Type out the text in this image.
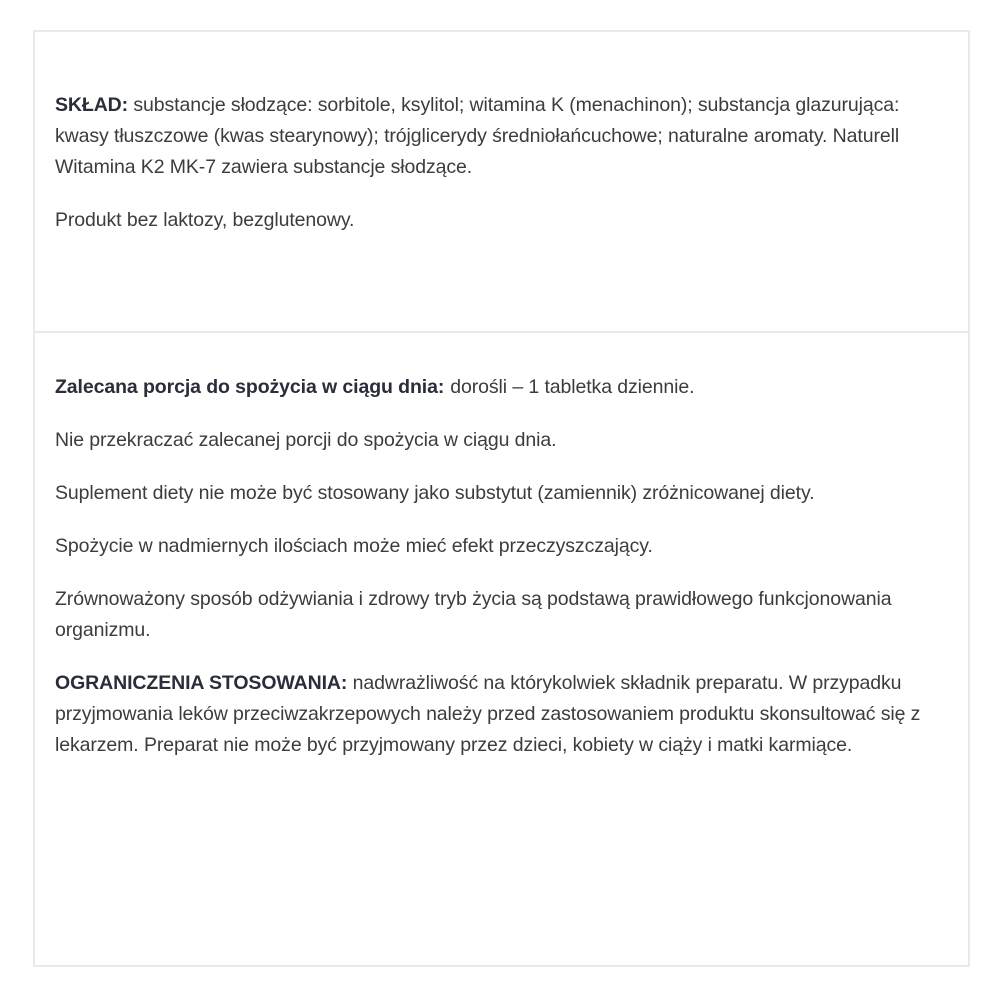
SKŁAD: substancje słodzące: sorbitole, ksylitol; witamina K (menachinon); substancja glazurująca: kwasy tłuszczowe (kwas stearynowy); trójglicerydy średniołańcuchowe; naturalne aromaty. Naturell Witamina K2 MK-7 zawiera substancje słodzące.

Produkt bez laktozy, bezglutenowy.

Zalecana porcja do spożycia w ciągu dnia: dorośli – 1 tabletka dziennie.

Nie przekraczać zalecanej porcji do spożycia w ciągu dnia.

Suplement diety nie może być stosowany jako substytut (zamiennik) zróżnicowanej diety.

Spożycie w nadmiernych ilościach może mieć efekt przeczyszczający.

Zrównoważony sposób odżywiania i zdrowy tryb życia są podstawą prawidłowego funkcjonowania organizmu.

OGRANICZENIA STOSOWANIA: nadwrażliwość na którykolwiek składnik preparatu. W przypadku przyjmowania leków przeciwzakrzepowych należy przed zastosowaniem produktu skonsultować się z lekarzem. Preparat nie może być przyjmowany przez dzieci, kobiety w ciąży i matki karmiące.
